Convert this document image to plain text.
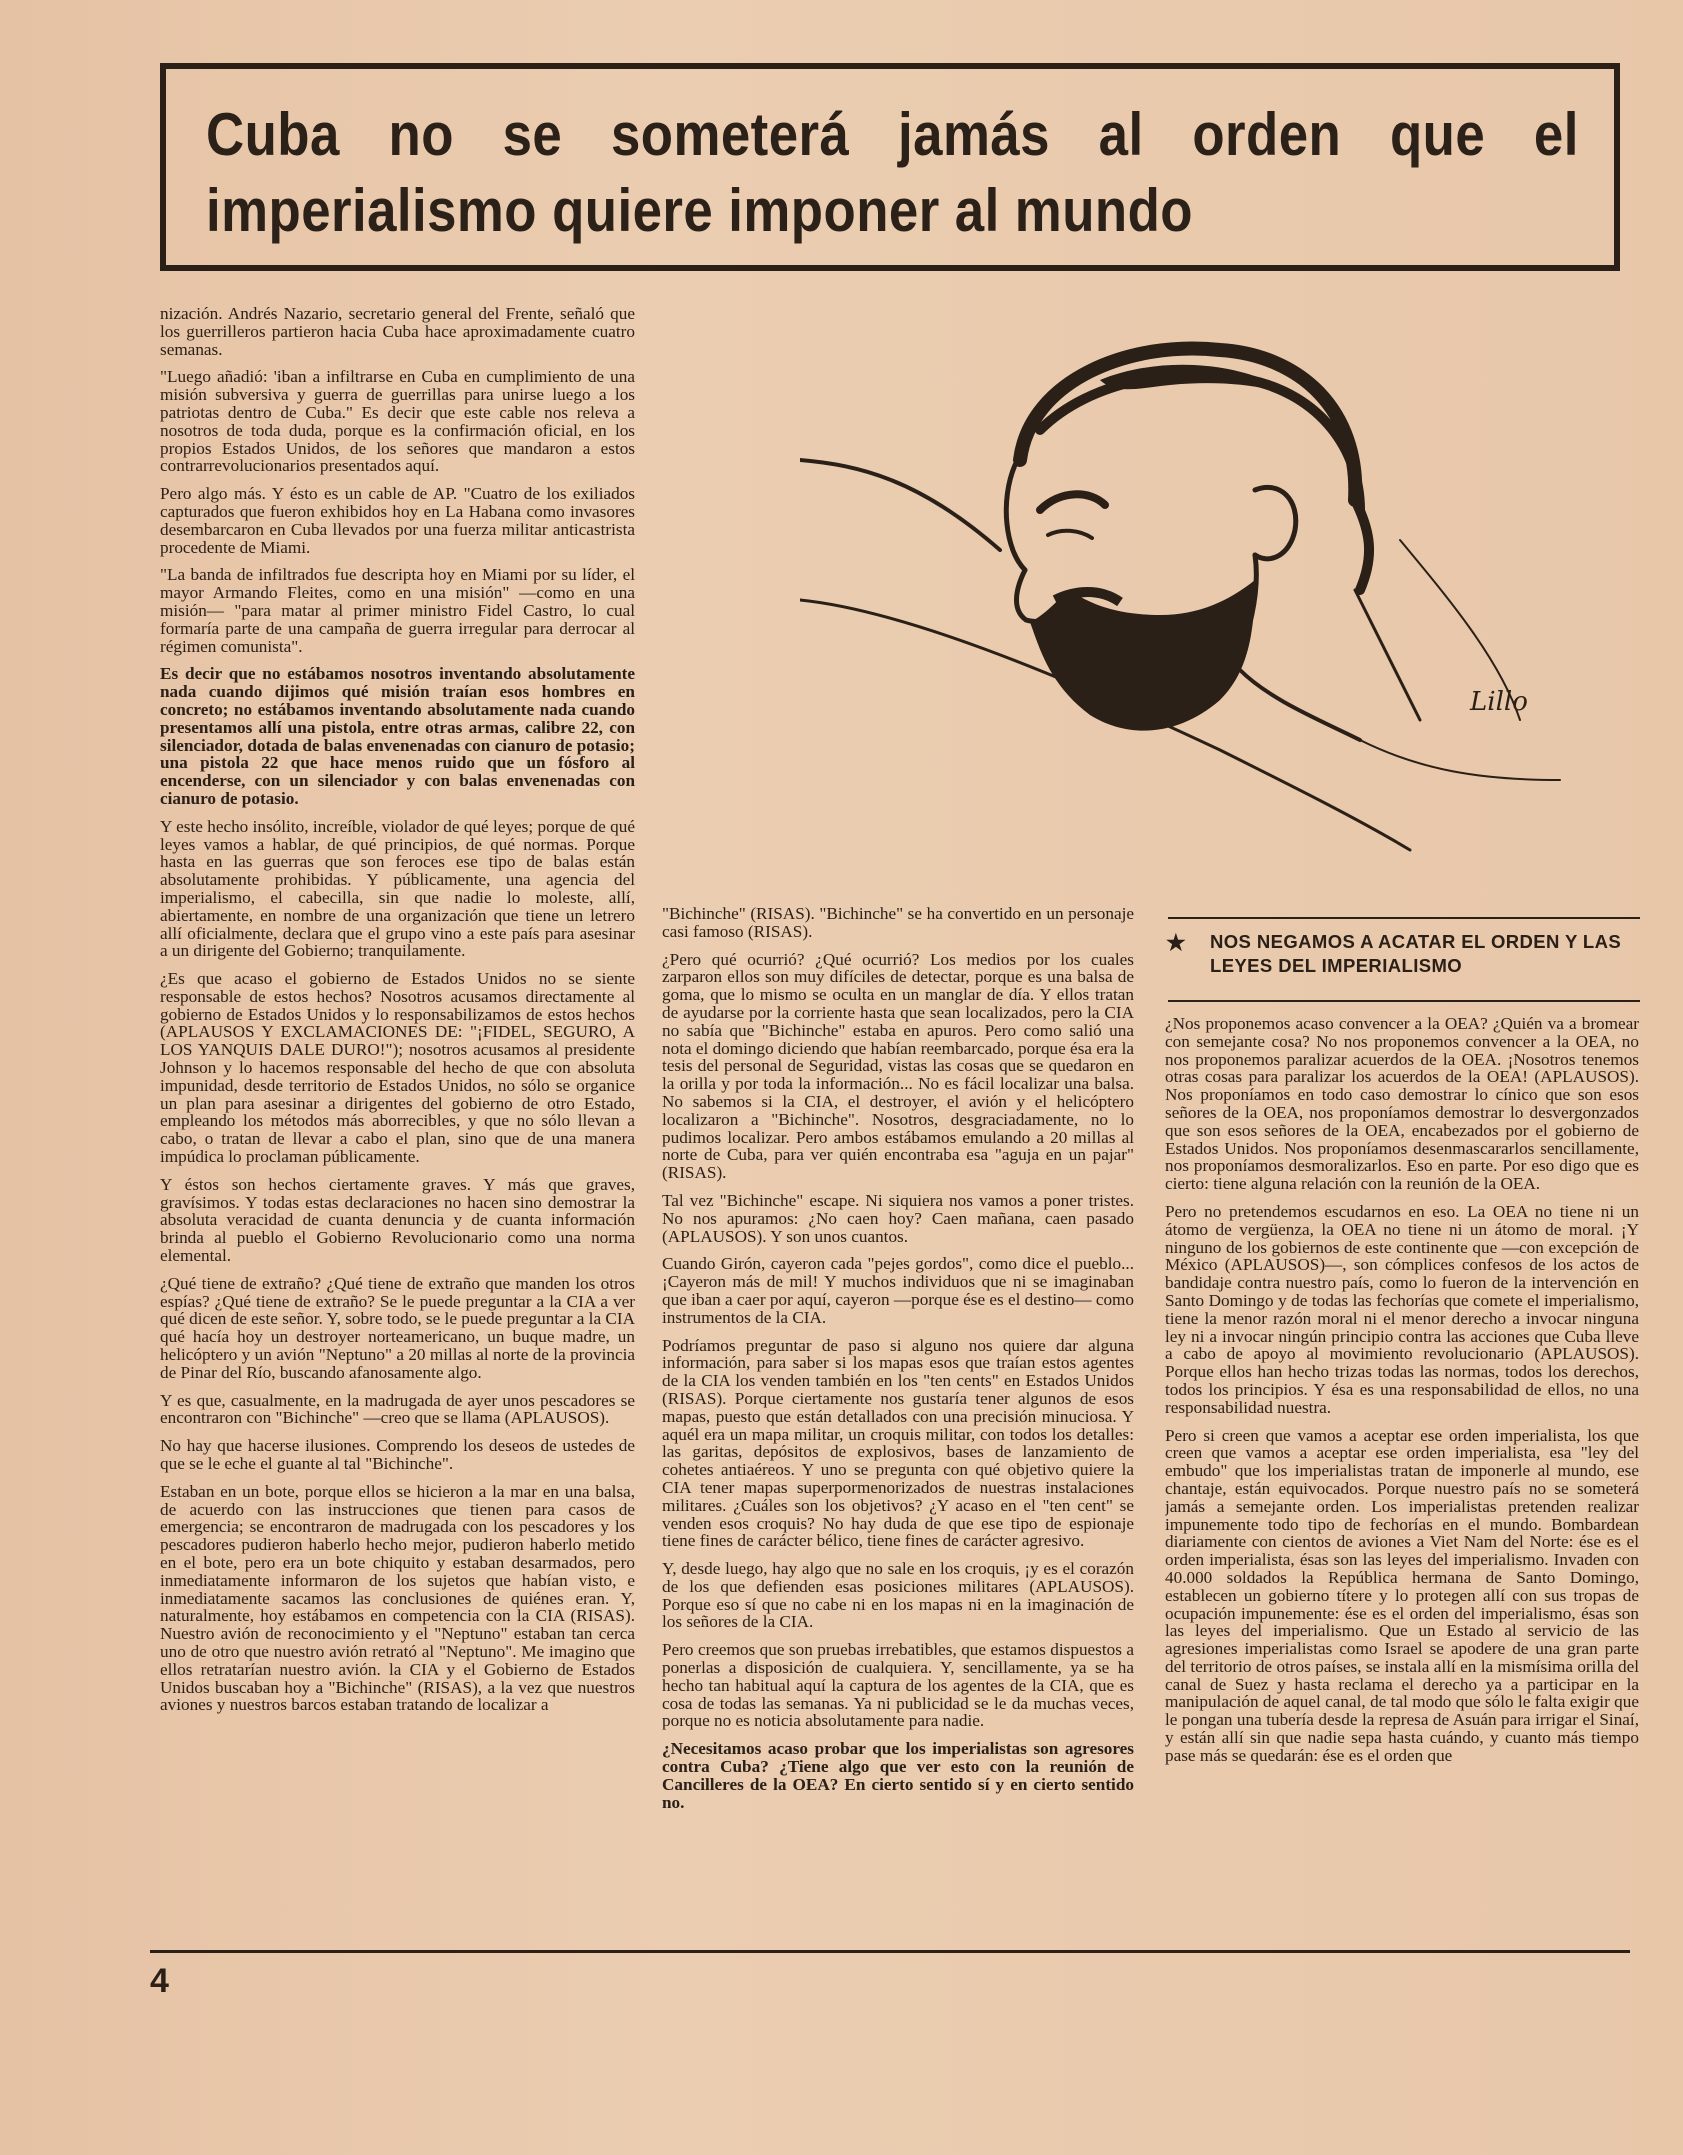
Cuba no se someterá jamás al orden que el imperialismo quiere imponer al mundo

nización. Andrés Nazario, secretario general del Frente, señaló que los guerrilleros partieron hacia Cuba hace aproximadamente cuatro semanas.

"Luego añadió: 'iban a infiltrarse en Cuba en cumplimiento de una misión subversiva y guerra de guerrillas para unirse luego a los patriotas dentro de Cuba." Es decir que este cable nos releva a nosotros de toda duda, porque es la confirmación oficial, en los propios Estados Unidos, de los señores que mandaron a estos contrarrevolucionarios presentados aquí.

Pero algo más. Y ésto es un cable de AP. "Cuatro de los exiliados capturados que fueron exhibidos hoy en La Habana como invasores desembarcaron en Cuba llevados por una fuerza militar anticastrista procedente de Miami.

"La banda de infiltrados fue descripta hoy en Miami por su líder, el mayor Armando Fleites, como en una misión" —como en una misión— "para matar al primer ministro Fidel Castro, lo cual formaría parte de una campaña de guerra irregular para derrocar al régimen comunista".

Es decir que no estábamos nosotros inventando absolutamente nada cuando dijimos qué misión traían esos hombres en concreto; no estábamos inventando absolutamente nada cuando presentamos allí una pistola, entre otras armas, calibre 22, con silenciador, dotada de balas envenenadas con cianuro de potasio; una pistola 22 que hace menos ruido que un fósforo al encenderse, con un silenciador y con balas envenenadas con cianuro de potasio.

Y este hecho insólito, increíble, violador de qué leyes; porque de qué leyes vamos a hablar, de qué principios, de qué normas. Porque hasta en las guerras que son feroces ese tipo de balas están absolutamente prohibidas. Y públicamente, una agencia del imperialismo, el cabecilla, sin que nadie lo moleste, allí, abiertamente, en nombre de una organización que tiene un letrero allí oficialmente, declara que el grupo vino a este país para asesinar a un dirigente del Gobierno; tranquilamente.

¿Es que acaso el gobierno de Estados Unidos no se siente responsable de estos hechos? Nosotros acusamos directamente al gobierno de Estados Unidos y lo responsabilizamos de estos hechos (APLAUSOS Y EXCLAMACIONES DE: "¡FIDEL, SEGURO, A LOS YANQUIS DALE DURO!"); nosotros acusamos al presidente Johnson y lo hacemos responsable del hecho de que con absoluta impunidad, desde territorio de Estados Unidos, no sólo se organice un plan para asesinar a dirigentes del gobierno de otro Estado, empleando los métodos más aborrecibles, y que no sólo llevan a cabo, o tratan de llevar a cabo el plan, sino que de una manera impúdica lo proclaman públicamente.

Y éstos son hechos ciertamente graves. Y más que graves, gravísimos. Y todas estas declaraciones no hacen sino demostrar la absoluta veracidad de cuanta denuncia y de cuanta información brinda al pueblo el Gobierno Revolucionario como una norma elemental.

¿Qué tiene de extraño? ¿Qué tiene de extraño que manden los otros espías? ¿Qué tiene de extraño? Se le puede preguntar a la CIA a ver qué dicen de este señor. Y, sobre todo, se le puede preguntar a la CIA qué hacía hoy un destroyer norteamericano, un buque madre, un helicóptero y un avión "Neptuno" a 20 millas al norte de la provincia de Pinar del Río, buscando afanosamente algo.

Y es que, casualmente, en la madrugada de ayer unos pescadores se encontraron con "Bichinche" —creo que se llama (APLAUSOS).

No hay que hacerse ilusiones. Comprendo los deseos de ustedes de que se le eche el guante al tal "Bichinche".

Estaban en un bote, porque ellos se hicieron a la mar en una balsa, de acuerdo con las instrucciones que tienen para casos de emergencia; se encontraron de madrugada con los pescadores y los pescadores pudieron haberlo hecho mejor, pudieron haberlo metido en el bote, pero era un bote chiquito y estaban desarmados, pero inmediatamente informaron de los sujetos que habían visto, e inmediatamente sacamos las conclusiones de quiénes eran. Y, naturalmente, hoy estábamos en competencia con la CIA (RISAS). Nuestro avión de reconocimiento y el "Neptuno" estaban tan cerca uno de otro que nuestro avión retrató al "Neptuno". Me imagino que ellos retratarían nuestro avión. la CIA y el Gobierno de Estados Unidos buscaban hoy a "Bichinche" (RISAS), a la vez que nuestros aviones y nuestros barcos estaban tratando de localizar a

Lillo

"Bichinche" (RISAS). "Bichinche" se ha convertido en un personaje casi famoso (RISAS).

¿Pero qué ocurrió? ¿Qué ocurrió? Los medios por los cuales zarparon ellos son muy difíciles de detectar, porque es una balsa de goma, que lo mismo se oculta en un manglar de día. Y ellos tratan de ayudarse por la corriente hasta que sean localizados, pero la CIA no sabía que "Bichinche" estaba en apuros. Pero como salió una nota el domingo diciendo que habían reembarcado, porque ésa era la tesis del personal de Seguridad, vistas las cosas que se quedaron en la orilla y por toda la información... No es fácil localizar una balsa. No sabemos si la CIA, el destroyer, el avión y el helicóptero localizaron a "Bichinche". Nosotros, desgraciadamente, no lo pudimos localizar. Pero ambos estábamos emulando a 20 millas al norte de Cuba, para ver quién encontraba esa "aguja en un pajar" (RISAS).

Tal vez "Bichinche" escape. Ni siquiera nos vamos a poner tristes. No nos apuramos: ¿No caen hoy? Caen mañana, caen pasado (APLAUSOS). Y son unos cuantos.

Cuando Girón, cayeron cada "pejes gordos", como dice el pueblo... ¡Cayeron más de mil! Y muchos individuos que ni se imaginaban que iban a caer por aquí, cayeron —porque ése es el destino— como instrumentos de la CIA.

Podríamos preguntar de paso si alguno nos quiere dar alguna información, para saber si los mapas esos que traían estos agentes de la CIA los venden también en los "ten cents" en Estados Unidos (RISAS). Porque ciertamente nos gustaría tener algunos de esos mapas, puesto que están detallados con una precisión minuciosa. Y aquél era un mapa militar, un croquis militar, con todos los detalles: las garitas, depósitos de explosivos, bases de lanzamiento de cohetes antiaéreos. Y uno se pregunta con qué objetivo quiere la CIA tener mapas superpormenorizados de nuestras instalaciones militares. ¿Cuáles son los objetivos? ¿Y acaso en el "ten cent" se venden esos croquis? No hay duda de que ese tipo de espionaje tiene fines de carácter bélico, tiene fines de carácter agresivo.

Y, desde luego, hay algo que no sale en los croquis, ¡y es el corazón de los que defienden esas posiciones militares (APLAUSOS). Porque eso sí que no cabe ni en los mapas ni en la imaginación de los señores de la CIA.

Pero creemos que son pruebas irrebatibles, que estamos dispuestos a ponerlas a disposición de cualquiera. Y, sencillamente, ya se ha hecho tan habitual aquí la captura de los agentes de la CIA, que es cosa de todas las semanas. Ya ni publicidad se le da muchas veces, porque no es noticia absolutamente para nadie.

¿Necesitamos acaso probar que los imperialistas son agresores contra Cuba? ¿Tiene algo que ver esto con la reunión de Cancilleres de la OEA? En cierto sentido sí y en cierto sentido no.

★ NOS NEGAMOS A ACATAR EL ORDEN Y LAS LEYES DEL IMPERIALISMO

¿Nos proponemos acaso convencer a la OEA? ¿Quién va a bromear con semejante cosa? No nos proponemos convencer a la OEA, no nos proponemos paralizar acuerdos de la OEA. ¡Nosotros tenemos otras cosas para paralizar los acuerdos de la OEA! (APLAUSOS). Nos proponíamos en todo caso demostrar lo cínico que son esos señores de la OEA, nos proponíamos demostrar lo desvergonzados que son esos señores de la OEA, encabezados por el gobierno de Estados Unidos. Nos proponíamos desenmascararlos sencillamente, nos proponíamos desmoralizarlos. Eso en parte. Por eso digo que es cierto: tiene alguna relación con la reunión de la OEA.

Pero no pretendemos escudarnos en eso. La OEA no tiene ni un átomo de vergüenza, la OEA no tiene ni un átomo de moral. ¡Y ninguno de los gobiernos de este continente que —con excepción de México (APLAUSOS)—, son cómplices confesos de los actos de bandidaje contra nuestro país, como lo fueron de la intervención en Santo Domingo y de todas las fechorías que comete el imperialismo, tiene la menor razón moral ni el menor derecho a invocar ninguna ley ni a invocar ningún principio contra las acciones que Cuba lleve a cabo de apoyo al movimiento revolucionario (APLAUSOS). Porque ellos han hecho trizas todas las normas, todos los derechos, todos los principios. Y ésa es una responsabilidad de ellos, no una responsabilidad nuestra.

Pero si creen que vamos a aceptar ese orden imperialista, los que creen que vamos a aceptar ese orden imperialista, esa "ley del embudo" que los imperialistas tratan de imponerle al mundo, ese chantaje, están equivocados. Porque nuestro país no se someterá jamás a semejante orden. Los imperialistas pretenden realizar impunemente todo tipo de fechorías en el mundo. Bombardean diariamente con cientos de aviones a Viet Nam del Norte: ése es el orden imperialista, ésas son las leyes del imperialismo. Invaden con 40.000 soldados la República hermana de Santo Domingo, establecen un gobierno títere y lo protegen allí con sus tropas de ocupación impunemente: ése es el orden del imperialismo, ésas son las leyes del imperialismo. Que un Estado al servicio de las agresiones imperialistas como Israel se apodere de una gran parte del territorio de otros países, se instala allí en la mismísima orilla del canal de Suez y hasta reclama el derecho ya a participar en la manipulación de aquel canal, de tal modo que sólo le falta exigir que le pongan una tubería desde la represa de Asuán para irrigar el Sinaí, y están allí sin que nadie sepa hasta cuándo, y cuanto más tiempo pase más se quedarán: ése es el orden que

4
